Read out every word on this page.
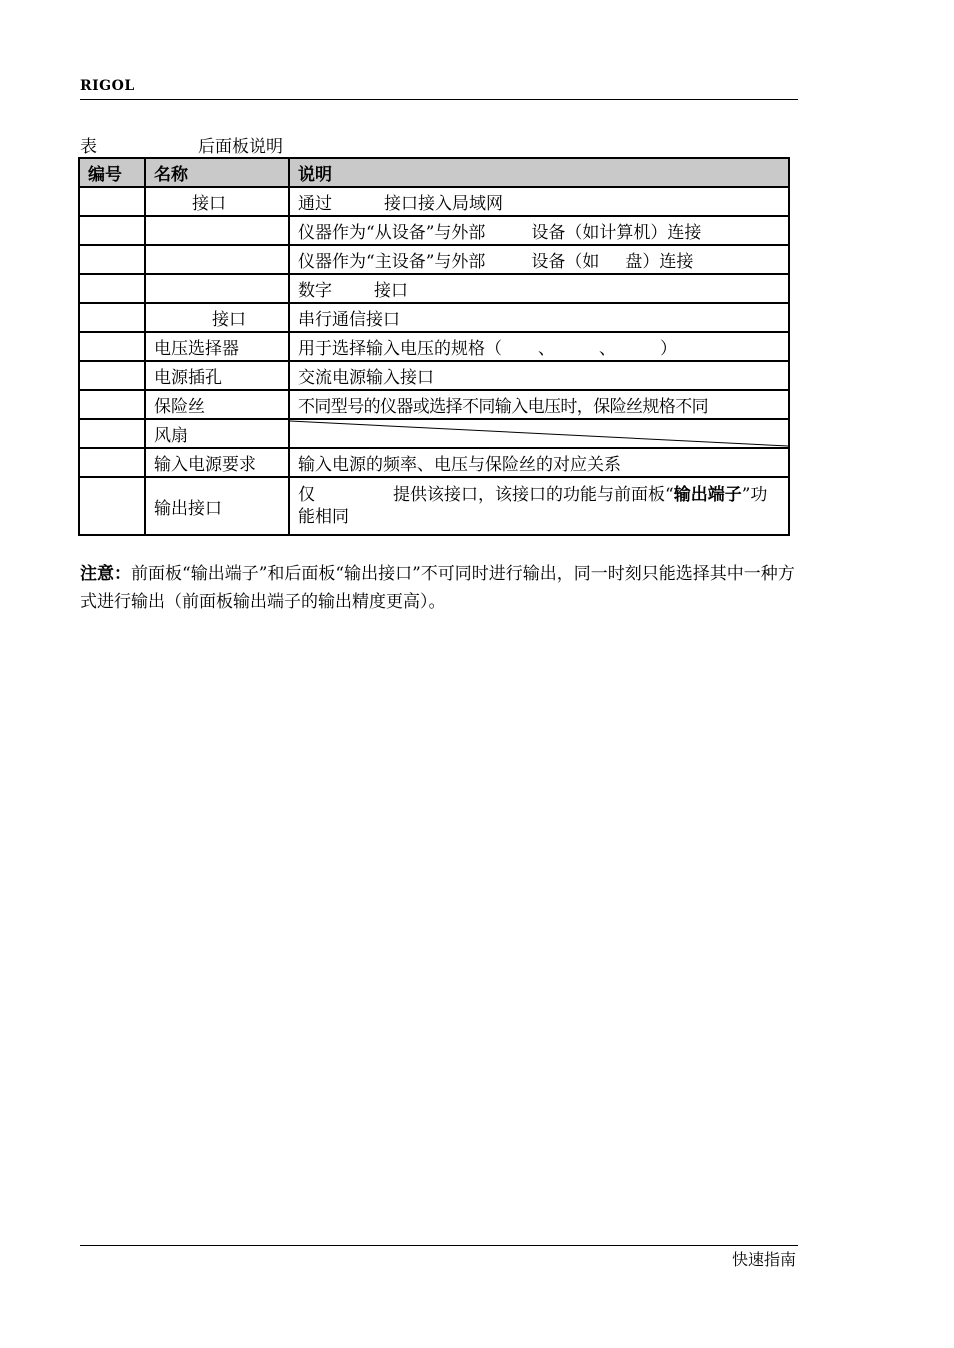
RIGOL
表	后面板说明
编号	名称	说明
	接口	通过 接口接入局域网
		仪器作为“从设备”与外部 设备（如计算机）连接
		仪器作为“主设备”与外部 设备（如 盘）连接
		数字 接口
	接口	串行通信接口
	电压选择器	用于选择输入电压的规格（ 、 、 ）
	电源插孔	交流电源输入接口
	保险丝	不同型号的仪器或选择不同输入电压时，保险丝规格不同
	风扇	

	输入电源要求	输入电源的频率、电压与保险丝的对应关系
	输出接口	仅 提供该接口，该接口的功能与前面板“输出端子”功能相同
注意：前面板“输出端子”和后面板“输出接口”不可同时进行输出，同一时刻只能选择其中一种方式进行输出（前面板输出端子的输出精度更高）。
快速指南
